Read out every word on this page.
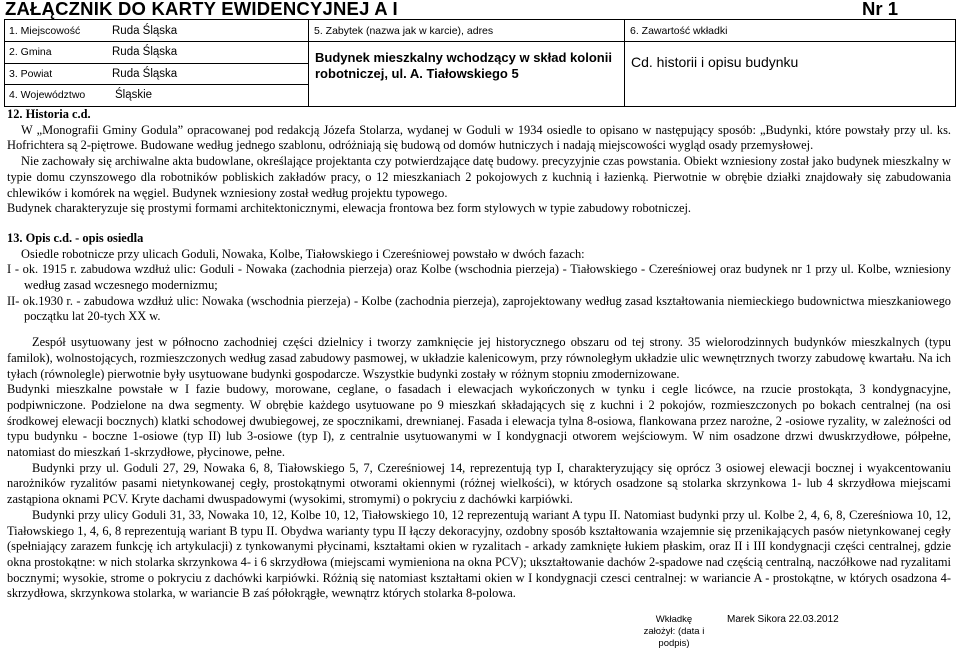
ZAŁĄCZNIK DO KARTY EWIDENCYJNEJ A I	Nr 1
1. Miejscowość	Ruda Śląska
2. Gmina	Ruda Śląska
3. Powiat	Ruda Śląska
4. Województwo	Śląskie
5. Zabytek (nazwa jak w karcie), adres
Budynek mieszkalny wchodzący w skład kolonii robotniczej, ul. A. Tiałowskiego 5
6. Zawartość wkładki
Cd. historii i opisu budynku

12. Historia c.d.

W „Monografii Gminy Godula” opracowanej pod redakcją Józefa Stolarza, wydanej w Goduli w 1934 osiedle to opisano w następujący sposób: „Budynki, które powstały przy ul. ks. Hofrichtera są 2-piętrowe. Budowane według jednego szablonu, odróżniają się budową od domów hutniczych i nadają miejscowości wygląd osady przemysłowej.

Nie zachowały się archiwalne akta budowlane, określające projektanta czy potwierdzające datę budowy. precyzyjnie czas powstania. Obiekt wzniesiony został jako budynek mieszkalny w typie domu czynszowego dla robotników pobliskich zakładów pracy, o 12 mieszkaniach 2 pokojowych z kuchnią i łazienką. Pierwotnie w obrębie działki znajdowały się zabudowania chlewików i komórek na węgiel. Budynek wzniesiony został według projektu typowego.

Budynek charakteryzuje się prostymi formami architektonicznymi, elewacja frontowa bez form stylowych w typie zabudowy robotniczej.

13. Opis c.d. - opis osiedla

Osiedle robotnicze przy ulicach Goduli, Nowaka, Kolbe, Tiałowskiego i Czereśniowej powstało w dwóch fazach:

I - ok. 1915 r. zabudowa wzdłuż ulic: Goduli - Nowaka (zachodnia pierzeja) oraz Kolbe (wschodnia pierzeja) - Tiałowskiego - Czereśniowej oraz budynek nr 1 przy ul. Kolbe, wzniesiony według zasad wczesnego modernizmu;

II- ok.1930 r. - zabudowa wzdłuż ulic: Nowaka (wschodnia pierzeja) - Kolbe (zachodnia pierzeja), zaprojektowany według zasad kształtowania niemieckiego budownictwa mieszkaniowego początku lat 20-tych XX w.

Zespół usytuowany jest w północno zachodniej części dzielnicy i tworzy zamknięcie jej historycznego obszaru od tej strony. 35 wielorodzinnych budynków mieszkalnych (typu familok), wolnostojących, rozmieszczonych według zasad zabudowy pasmowej, w układzie kalenicowym, przy równoległym układzie ulic wewnętrznych tworzy zabudowę kwartału. Na ich tyłach (równolegle) pierwotnie były usytuowane budynki gospodarcze. Wszystkie budynki zostały w różnym stopniu zmodernizowane.

Budynki mieszkalne powstałe w I fazie budowy, morowane, ceglane, o fasadach i elewacjach wykończonych w tynku i cegle licówce, na rzucie prostokąta, 3 kondygnacyjne, podpiwniczone. Podzielone na dwa segmenty. W obrębie każdego usytuowane po 9 mieszkań składających się z kuchni i 2 pokojów, rozmieszczonych po bokach centralnej (na osi środkowej elewacji bocznych) klatki schodowej dwubiegowej, ze spocznikami, drewnianej. Fasada i elewacja tylna 8-osiowa, flankowana przez narożne, 2 -osiowe ryzality, w zależności od typu budynku - boczne 1-osiowe (typ II) lub 3-osiowe (typ I), z centralnie usytuowanymi w I kondygnacji otworem wejściowym. W nim osadzone drzwi dwuskrzydłowe, półpełne, natomiast do mieszkań 1-skrzydłowe, płycinowe, pełne.

Budynki przy ul. Goduli 27, 29, Nowaka 6, 8, Tiałowskiego 5, 7, Czereśniowej 14, reprezentują typ I, charakteryzujący się oprócz 3 osiowej elewacji bocznej i wyakcentowaniu narożników ryzalitów pasami nietynkowanej cegły, prostokątnymi otworami okiennymi (różnej wielkości), w których osadzone są stolarka skrzynkowa 1- lub 4 skrzydłowa miejscami zastąpiona oknami PCV. Kryte dachami dwuspadowymi (wysokimi, stromymi) o pokryciu z dachówki karpiówki.

Budynki przy ulicy Goduli 31, 33, Nowaka 10, 12, Kolbe 10, 12, Tiałowskiego 10, 12 reprezentują wariant A typu II. Natomiast budynki przy ul. Kolbe 2, 4, 6, 8, Czereśniowa 10, 12, Tiałowskiego 1, 4, 6, 8 reprezentują wariant B typu II. Obydwa warianty typu II łączy dekoracyjny, ozdobny sposób kształtowania wzajemnie się przenikających pasów nietynkowanej cegły (spełniający zarazem funkcję ich artykulacji) z tynkowanymi płycinami, kształtami okien w ryzalitach - arkady zamknięte łukiem płaskim, oraz II i III kondygnacji części centralnej, gdzie okna prostokątne: w nich stolarka skrzynkowa 4- i 6 skrzydłowa (miejscami wymieniona na okna PCV); ukształtowanie dachów 2-spadowe nad częścią centralną, naczółkowe nad ryzalitami bocznymi; wysokie, strome o pokryciu z dachówki karpiówki. Różnią się natomiast kształtami okien w I kondygnacji czesci centralnej: w wariancie A - prostokątne, w których osadzona 4-skrzydłowa, skrzynkowa stolarka, w wariancie B zaś półokrągłe, wewnątrz których stolarka 8-polowa.

Wkładkę założył: (data i podpis)
Marek Sikora 22.03.2012
